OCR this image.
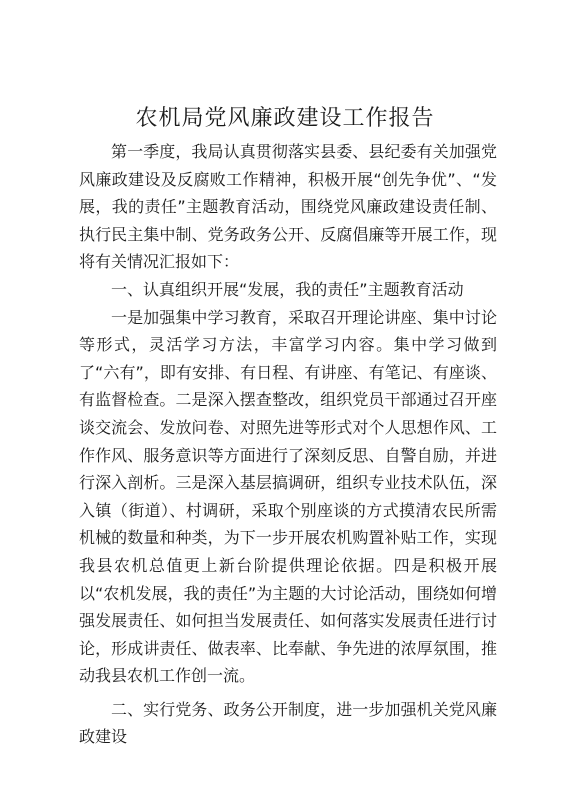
农机局党风廉政建设工作报告

第一季度，我局认真贯彻落实县委、县纪委有关加强党风廉政建设及反腐败工作精神，积极开展“创先争优”、“发展，我的责任”主题教育活动，围绕党风廉政建设责任制、执行民主集中制、党务政务公开、反腐倡廉等开展工作，现将有关情况汇报如下：

一、认真组织开展“发展，我的责任”主题教育活动

一是加强集中学习教育，采取召开理论讲座、集中讨论等形式，灵活学习方法，丰富学习内容。集中学习做到了“六有”，即有安排、有日程、有讲座、有笔记、有座谈、有监督检查。二是深入摆查整改，组织党员干部通过召开座谈交流会、发放问卷、对照先进等形式对个人思想作风、工作作风、服务意识等方面进行了深刻反思、自警自励，并进行深入剖析。三是深入基层搞调研，组织专业技术队伍，深入镇（街道）、村调研，采取个别座谈的方式摸清农民所需机械的数量和种类，为下一步开展农机购置补贴工作，实现我县农机总值更上新台阶提供理论依据。四是积极开展以“农机发展，我的责任”为主题的大讨论活动，围绕如何增强发展责任、如何担当发展责任、如何落实发展责任进行讨论，形成讲责任、做表率、比奉献、争先进的浓厚氛围，推动我县农机工作创一流。

二、实行党务、政务公开制度，进一步加强机关党风廉政建设
